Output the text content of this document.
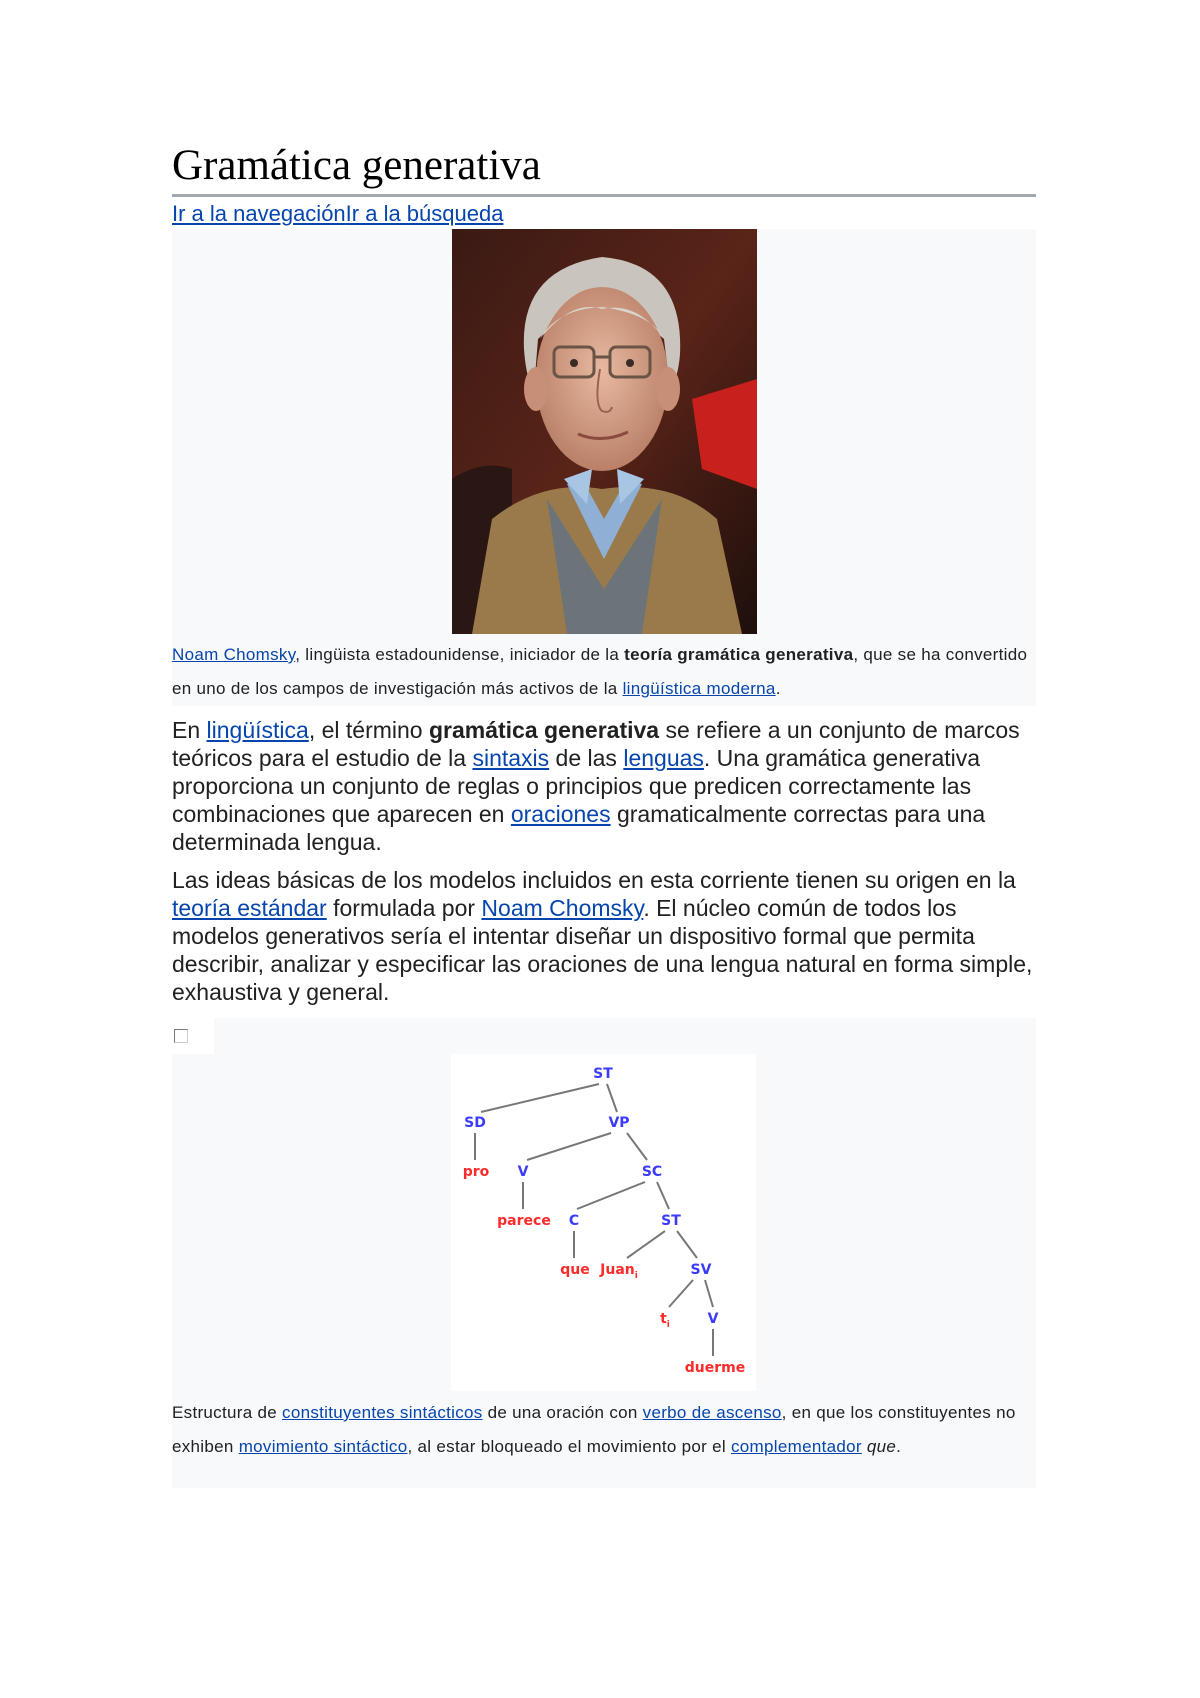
Gramática generativa
Ir a la navegaciónIr a la búsqueda
Noam Chomsky, lingüista estadounidense, iniciador de la teoría gramática generativa, que se ha convertido en uno de los campos de investigación más activos de la lingüística moderna.

En lingüística, el término gramática generativa se refiere a un conjunto de marcos teóricos para el estudio de la sintaxis de las lenguas. Una gramática generativa proporciona un conjunto de reglas o principios que predicen correctamente las combinaciones que aparecen en oraciones gramaticalmente correctas para una determinada lengua.

Las ideas básicas de los modelos incluidos en esta corriente tienen su origen en la teoría estándar formulada por Noam Chomsky. El núcleo común de todos los modelos generativos sería el intentar diseñar un dispositivo formal que permita describir, analizar y especificar las oraciones de una lengua natural en forma simple, exhaustiva y general.

ST
SD	VP
pro V	SC
parece C	ST
que Juan$_i$	SV
$t_i$	V
duerme
Estructura de constituyentes sintácticos de una oración con verbo de ascenso, en que los constituyentes no exhiben movimiento sintáctico, al estar bloqueado el movimiento por el complementador que.
